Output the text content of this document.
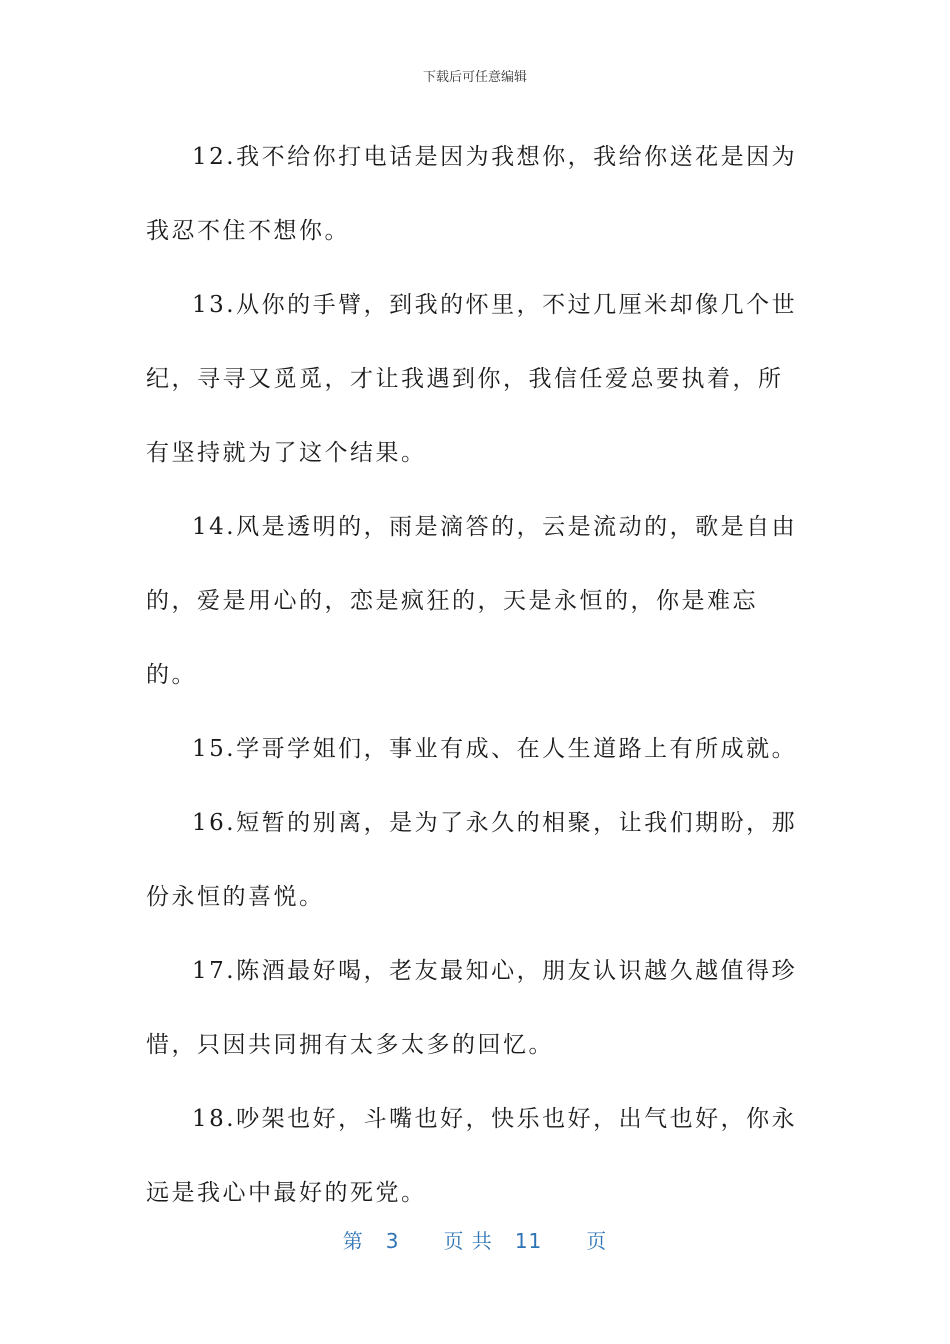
下载后可任意编辑

12.我不给你打电话是因为我想你，我给你送花是因为我忍不住不想你。

13.从你的手臂，到我的怀里，不过几厘米却像几个世纪，寻寻又觅觅，才让我遇到你，我信任爱总要执着，所有坚持就为了这个结果。

14.风是透明的，雨是滴答的，云是流动的，歌是自由的，爱是用心的，恋是疯狂的，天是永恒的，你是难忘的。

15.学哥学姐们，事业有成、在人生道路上有所成就。

16.短暂的别离，是为了永久的相聚，让我们期盼，那份永恒的喜悦。

17.陈酒最好喝，老友最知心，朋友认识越久越值得珍惜，只因共同拥有太多太多的回忆。

18.吵架也好，斗嘴也好，快乐也好，出气也好，你永远是我心中最好的死党。

第 3 页 共 11 页
